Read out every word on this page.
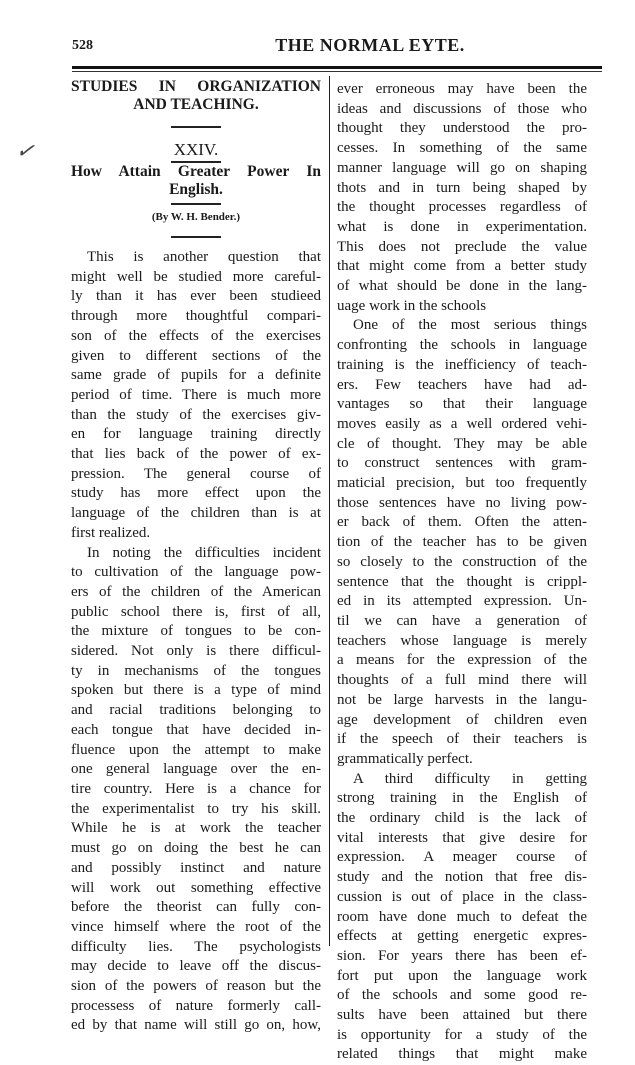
528	THE NORMAL EYTE.
✓
STUDIES IN ORGANIZATION
AND TEACHING.
XXIV.
How Attain Greater Power In
English.
(By W. H. Bender.)
This is another question that
might well be studied more careful-
ly than it has ever been studieed
through more thoughtful compari-
son of the effects of the exercises
given to different sections of the
same grade of pupils for a definite
period of time. There is much more
than the study of the exercises giv-
en for language training directly
that lies back of the power of ex-
pression. The general course of
study has more effect upon the
language of the children than is at
first realized.
In noting the difficulties incident
to cultivation of the language pow-
ers of the children of the American
public school there is, first of all,
the mixture of tongues to be con-
sidered. Not only is there difficul-
ty in mechanisms of the tongues
spoken but there is a type of mind
and racial traditions belonging to
each tongue that have decided in-
fluence upon the attempt to make
one general language over the en-
tire country. Here is a chance for
the experimentalist to try his skill.
While he is at work the teacher
must go on doing the best he can
and possibly instinct and nature
will work out something effective
before the theorist can fully con-
vince himself where the root of the
difficulty lies. The psychologists
may decide to leave off the discus-
sion of the powers of reason but the
processess of nature formerly call-
ed by that name will still go on, how,
ever erroneous may have been the
ideas and discussions of those who
thought they understood the pro-
cesses. In something of the same
manner language will go on shaping
thots and in turn being shaped by
the thought processes regardless of
what is done in experimentation.
This does not preclude the value
that might come from a better study
of what should be done in the lang-
uage work in the schools
One of the most serious things
confronting the schools in language
training is the inefficiency of teach-
ers. Few teachers have had ad-
vantages so that their language
moves easily as a well ordered vehi-
cle of thought. They may be able
to construct sentences with gram-
maticial precision, but too frequently
those sentences have no living pow-
er back of them. Often the atten-
tion of the teacher has to be given
so closely to the construction of the
sentence that the thought is crippl-
ed in its attempted expression. Un-
til we can have a generation of
teachers whose language is merely
a means for the expression of the
thoughts of a full mind there will
not be large harvests in the langu-
age development of children even
if the speech of their teachers is
grammatically perfect.
A third difficulty in getting
strong training in the English of
the ordinary child is the lack of
vital interests that give desire for
expression. A meager course of
study and the notion that free dis-
cussion is out of place in the class-
room have done much to defeat the
effects at getting energetic expres-
sion. For years there has been ef-
fort put upon the language work
of the schools and some good re-
sults have been attained but there
is opportunity for a study of the
related things that might make
